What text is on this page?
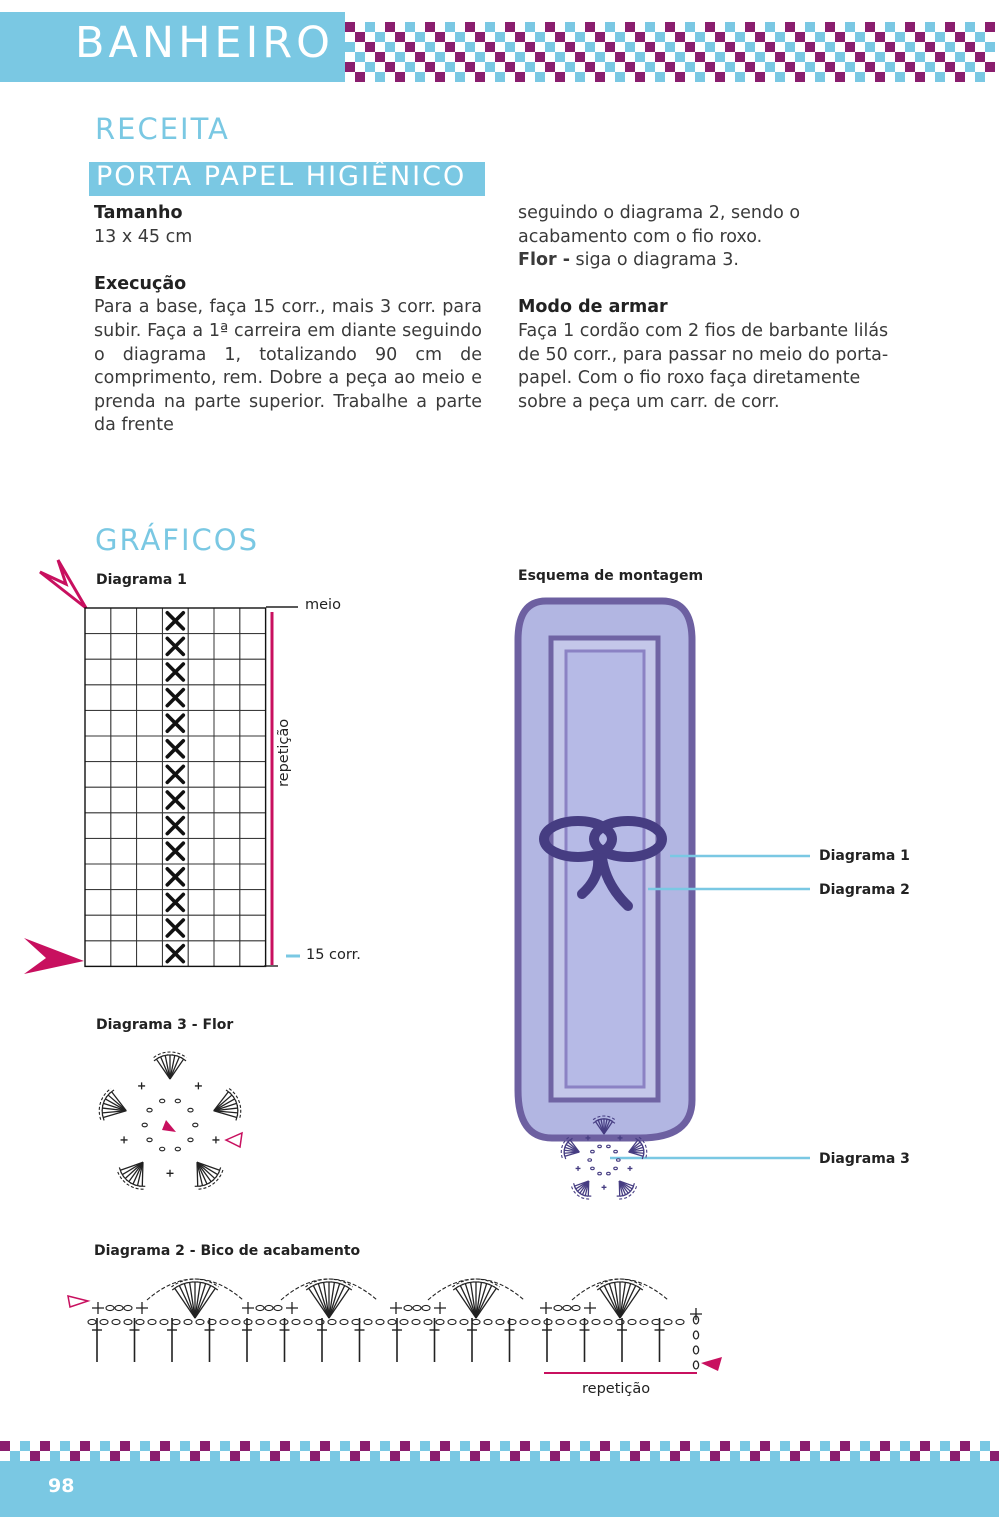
BANHEIRO
RECEITA
PORTA PAPEL HIGIÊNICO
Tamanho

13 x 45 cm

Execução

Para a base, faça 15 corr., mais 3 corr. para subir. Faça a 1ª carreira em diante seguindo o diagrama 1, totalizando 90 cm de comprimento, rem. Dobre a peça ao meio e prenda na parte superior. Trabalhe a parte da frente

seguindo o diagrama 2, sendo o acabamento com o fio roxo.

Flor - siga o diagrama 3.

Modo de armar

Faça 1 cordão com 2 fios de barbante lilás de 50 corr., para passar no meio do porta-papel. Com o fio roxo faça diretamente sobre a peça um carr. de corr.

GRÁFICOS
Diagrama 1
meio
repetição
15 corr.
Esquema de montagem
Diagrama 1
Diagrama 2
Diagrama 3
Diagrama 3 - Flor
Diagrama 2 - Bico de acabamento
repetição
98
